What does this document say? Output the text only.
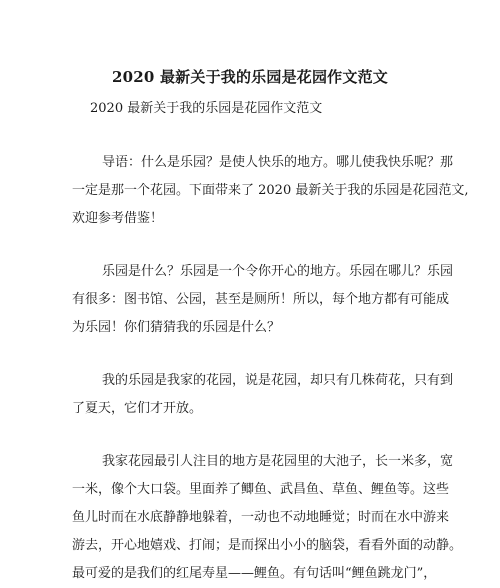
2020 最新关于我的乐园是花园作文范文
2020 最新关于我的乐园是花园作文范文
导语：什么是乐园？是使人快乐的地方。哪儿使我快乐呢？那
一定是那一个花园。下面带来了 2020 最新关于我的乐园是花园范文,
欢迎参考借鉴！
乐园是什么？乐园是一个令你开心的地方。乐园在哪儿？乐园
有很多：图书馆、公园，甚至是厕所！所以，每个地方都有可能成
为乐园！你们猜猜我的乐园是什么？
我的乐园是我家的花园，说是花园，却只有几株荷花，只有到
了夏天，它们才开放。
我家花园最引人注目的地方是花园里的大池子，长一米多，宽
一米，像个大口袋。里面养了鲫鱼、武昌鱼、草鱼、鲤鱼等。这些
鱼儿时而在水底静静地躲着，一动也不动地睡觉；时而在水中游来
游去，开心地嬉戏、打闹；是而探出小小的脑袋，看看外面的动静。
最可爱的是我们的红尾寿星——鲤鱼。有句话叫“鲤鱼跳龙门”，
